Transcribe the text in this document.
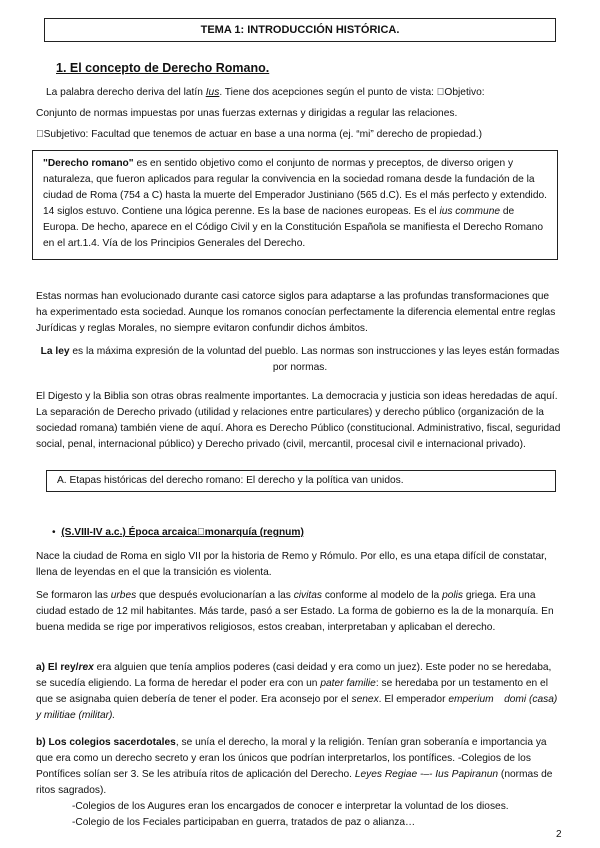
TEMA 1: INTRODUCCIÓN HISTÓRICA.
1. El concepto de Derecho Romano.

La palabra derecho deriva del latín Ius. Tiene dos acepciones según el punto de vista: Objetivo:

Conjunto de normas impuestas por unas fuerzas externas y dirigidas a regular las relaciones.

Subjetivo: Facultad que tenemos de actuar en base a una norma (ej. “mi” derecho de propiedad.)

"Derecho romano" es en sentido objetivo como el conjunto de normas y preceptos, de diverso origen y naturaleza, que fueron aplicados para regular la convivencia en la sociedad romana desde la fundación de la ciudad de Roma (754 a C) hasta la muerte del Emperador Justiniano (565 d.C). Es el más perfecto y extendido. 14 siglos estuvo. Contiene una lógica perenne. Es la base de naciones europeas. Es el ius commune de Europa. De hecho, aparece en el Código Civil y en la Constitución Española se manifiesta el Derecho Romano en el art.1.4. Vía de los Principios Generales del Derecho.

Estas normas han evolucionado durante casi catorce siglos para adaptarse a las profundas transformaciones que ha experimentado esta sociedad. Aunque los romanos conocían perfectamente la diferencia elemental entre reglas Jurídicas y reglas Morales, no siempre evitaron confundir dichos ámbitos.

La ley es la máxima expresión de la voluntad del pueblo. Las normas son instrucciones y las leyes están formadas por normas.

El Digesto y la Biblia son otras obras realmente importantes. La democracia y justicia son ideas heredadas de aquí. La separación de Derecho privado (utilidad y relaciones entre particulares) y derecho público (organización de la sociedad romana) también viene de aquí. Ahora es Derecho Público (constitucional. Administrativo, fiscal, seguridad social, penal, internacional público) y Derecho privado (civil, mercantil, procesal civil e internacional privado).

A. Etapas históricas del derecho romano: El derecho y la política van unidos.

• (S.VIII-IV a.c.) Época arcaica monarquía (regnum)

Nace la ciudad de Roma en siglo VII por la historia de Remo y Rómulo. Por ello, es una etapa difícil de constatar, llena de leyendas en el que la transición es violenta.

Se formaron las urbes que después evolucionarían a las civitas conforme al modelo de la polis griega. Era una ciudad estado de 12 mil habitantes. Más tarde, pasó a ser Estado. La forma de gobierno es la de la monarquía. En buena medida se rige por imperativos religiosos, estos creaban, interpretaban y aplicaban el derecho.

a) El rey/rex era alguien que tenía amplios poderes (casi deidad y era como un juez). Este poder no se heredaba, se sucedía eligiendo. La forma de heredar el poder era con un pater familie: se heredaba por un testamento en el que se asignaba quien debería de tener el poder. Era aconsejo por el senex. El emperador emperium domi (casa) y militiae (militar).

b) Los colegios sacerdotales, se unía el derecho, la moral y la religión. Tenían gran soberanía e importancia ya que era como un derecho secreto y eran los únicos que podrían interpretarlos, los pontífices. -Colegios de los Pontífices solían ser 3. Se les atribuía ritos de aplicación del Derecho. Leyes Regiae -–- Ius Papiranun (normas de ritos sagrados).

-Colegios de los Augures eran los encargados de conocer e interpretar la voluntad de los dioses.

-Colegio de los Feciales participaban en guerra, tratados de paz o alianza…

2
